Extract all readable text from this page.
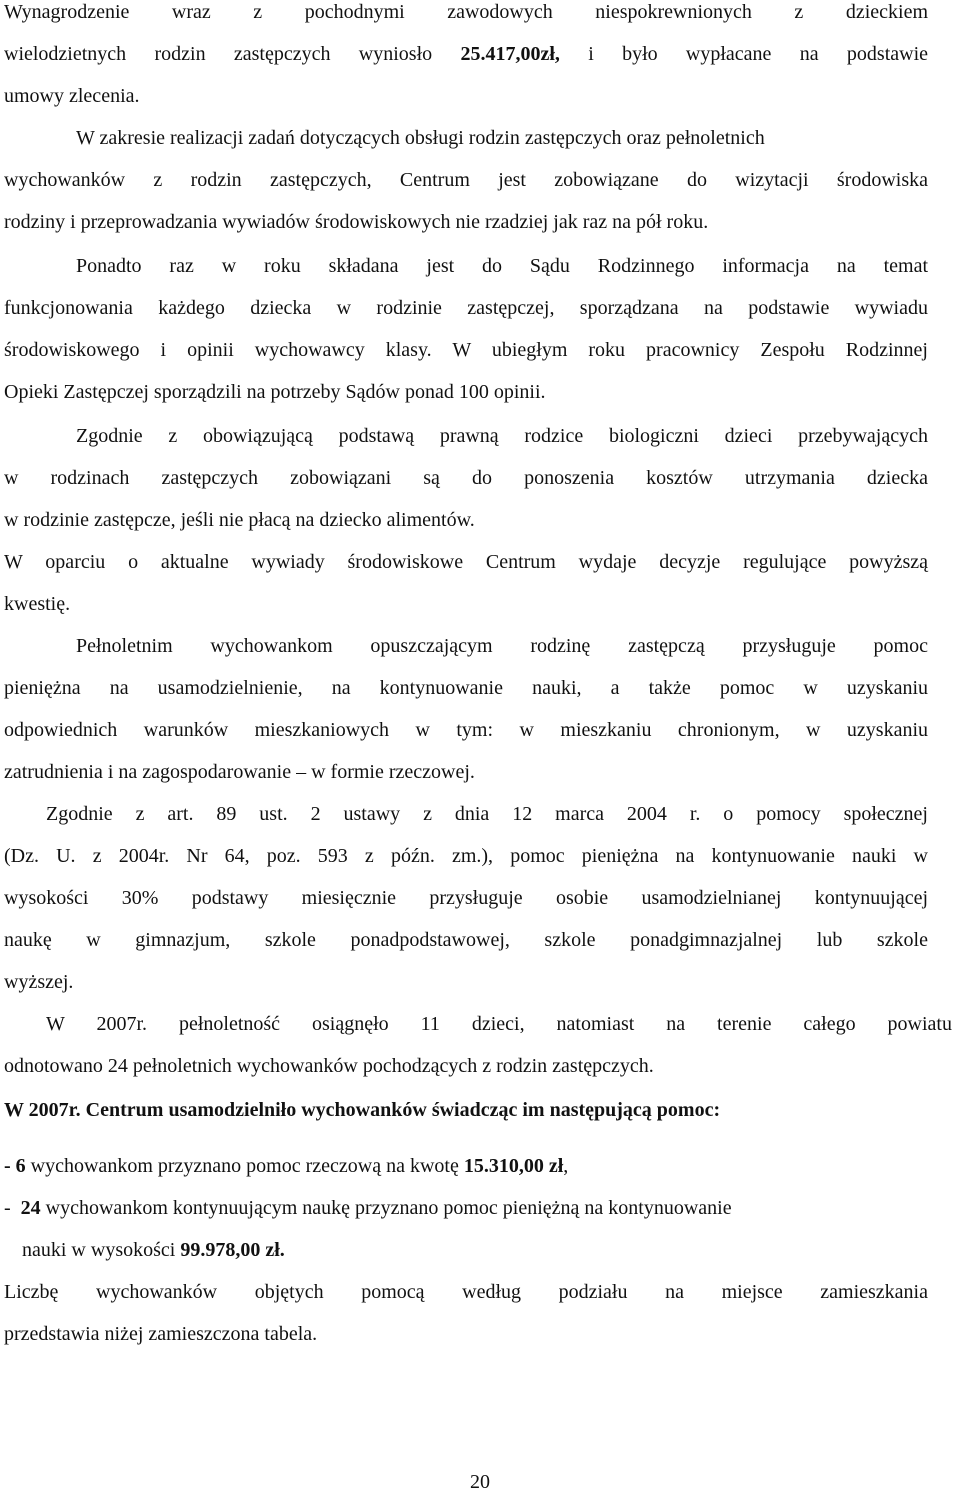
Wynagrodzenie wraz z pochodnymi zawodowych niespokrewnionych z dzieckiem
wielodzietnych rodzin zastępczych wyniosło 25.417,00zł, i było wypłacane na podstawie
umowy zlecenia.
W zakresie realizacji zadań dotyczących obsługi rodzin zastępczych oraz pełnoletnich
wychowanków z rodzin zastępczych, Centrum jest zobowiązane do wizytacji środowiska
rodziny i przeprowadzania wywiadów środowiskowych nie rzadziej jak raz na pół roku.
Ponadto raz w roku składana jest do Sądu Rodzinnego informacja na temat
funkcjonowania każdego dziecka w rodzinie zastępczej, sporządzana na podstawie wywiadu
środowiskowego i opinii wychowawcy klasy. W ubiegłym roku pracownicy Zespołu Rodzinnej
Opieki Zastępczej sporządzili na potrzeby Sądów ponad 100 opinii.
Zgodnie z obowiązującą podstawą prawną rodzice biologiczni dzieci przebywających
w rodzinach zastępczych zobowiązani są do ponoszenia kosztów utrzymania dziecka
w rodzinie zastępcze, jeśli nie płacą na dziecko alimentów.
W oparciu o aktualne wywiady środowiskowe Centrum wydaje decyzje regulujące powyższą
kwestię.
Pełnoletnim wychowankom opuszczającym rodzinę zastępczą przysługuje pomoc
pieniężna na usamodzielnienie, na kontynuowanie nauki, a także pomoc w uzyskaniu
odpowiednich warunków mieszkaniowych w tym: w mieszkaniu chronionym, w uzyskaniu
zatrudnienia i na zagospodarowanie – w formie rzeczowej.
Zgodnie z art. 89 ust. 2 ustawy z dnia 12 marca 2004 r. o pomocy społecznej
(Dz. U. z 2004r. Nr 64, poz. 593 z późn. zm.), pomoc pieniężna na kontynuowanie nauki w
wysokości 30% podstawy miesięcznie przysługuje osobie usamodzielnianej kontynuującej
naukę w gimnazjum, szkole ponadpodstawowej, szkole ponadgimnazjalnej lub szkole
wyższej.
W 2007r. pełnoletność osiągnęło 11 dzieci, natomiast na terenie całego powiatu
odnotowano 24 pełnoletnich wychowanków pochodzących z rodzin zastępczych.
W 2007r. Centrum usamodzielniło wychowanków świadcząc im następującą pomoc:
- 6 wychowankom przyznano pomoc rzeczową na kwotę 15.310,00 zł,
- 24 wychowankom kontynuującym naukę przyznano pomoc pieniężną na kontynuowanie
nauki w wysokości 99.978,00 zł.
Liczbę wychowanków objętych pomocą według podziału na miejsce zamieszkania
przedstawia niżej zamieszczona tabela.
20
